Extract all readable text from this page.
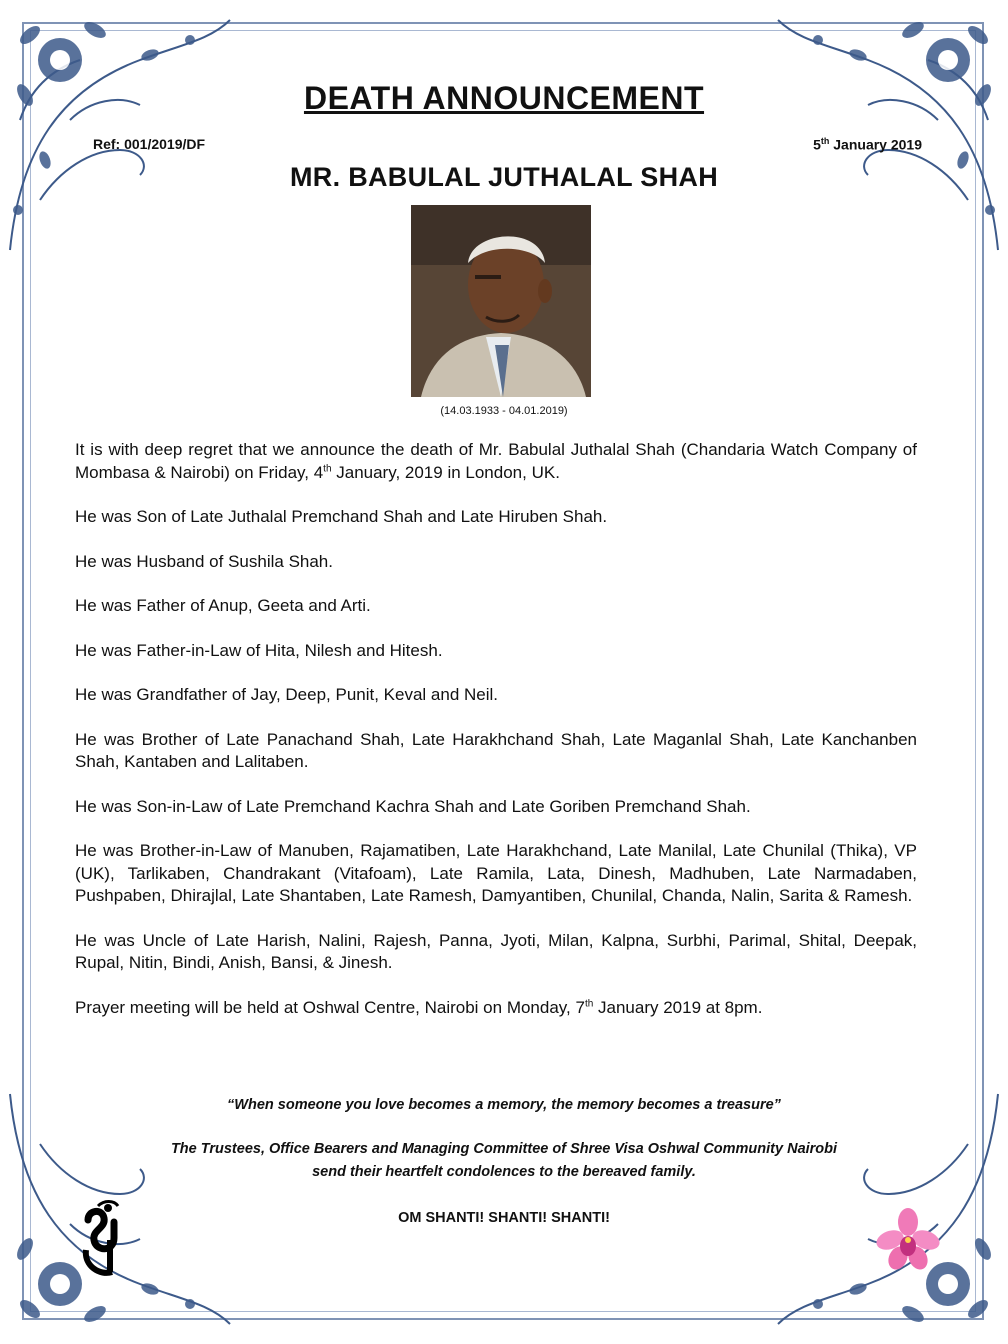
DEATH ANNOUNCEMENT
Ref: 001/2019/DF	5th January 2019
MR. BABULAL JUTHALAL SHAH
(14.03.1933 - 04.01.2019)

It is with deep regret that we announce the death of Mr. Babulal Juthalal Shah (Chandaria Watch Company of Mombasa & Nairobi) on Friday, 4th January, 2019 in London, UK.

He was Son of Late Juthalal Premchand Shah and Late Hiruben Shah.

He was Husband of Sushila Shah.

He was Father of Anup, Geeta and Arti.

He was Father-in-Law of Hita, Nilesh and Hitesh.

He was Grandfather of Jay, Deep, Punit, Keval and Neil.

He was Brother of Late Panachand Shah, Late Harakhchand Shah, Late Maganlal Shah, Late Kanchanben Shah, Kantaben and Lalitaben.

He was Son-in-Law of Late Premchand Kachra Shah and Late Goriben Premchand Shah.

He was Brother-in-Law of Manuben, Rajamatiben, Late Harakhchand, Late Manilal, Late Chunilal (Thika), VP (UK), Tarlikaben, Chandrakant (Vitafoam), Late Ramila, Lata, Dinesh, Madhuben, Late Narmadaben, Pushpaben, Dhirajlal, Late Shantaben, Late Ramesh, Damyantiben, Chunilal, Chanda, Nalin, Sarita & Ramesh.

He was Uncle of Late Harish, Nalini, Rajesh, Panna, Jyoti, Milan, Kalpna, Surbhi, Parimal, Shital, Deepak, Rupal, Nitin, Bindi, Anish, Bansi, & Jinesh.

Prayer meeting will be held at Oshwal Centre, Nairobi on Monday, 7th January 2019 at 8pm.

“When someone you love becomes a memory, the memory becomes a treasure”
The Trustees, Office Bearers and Managing Committee of Shree Visa Oshwal Community Nairobi
send their heartfelt condolences to the bereaved family.
OM SHANTI! SHANTI! SHANTI!
